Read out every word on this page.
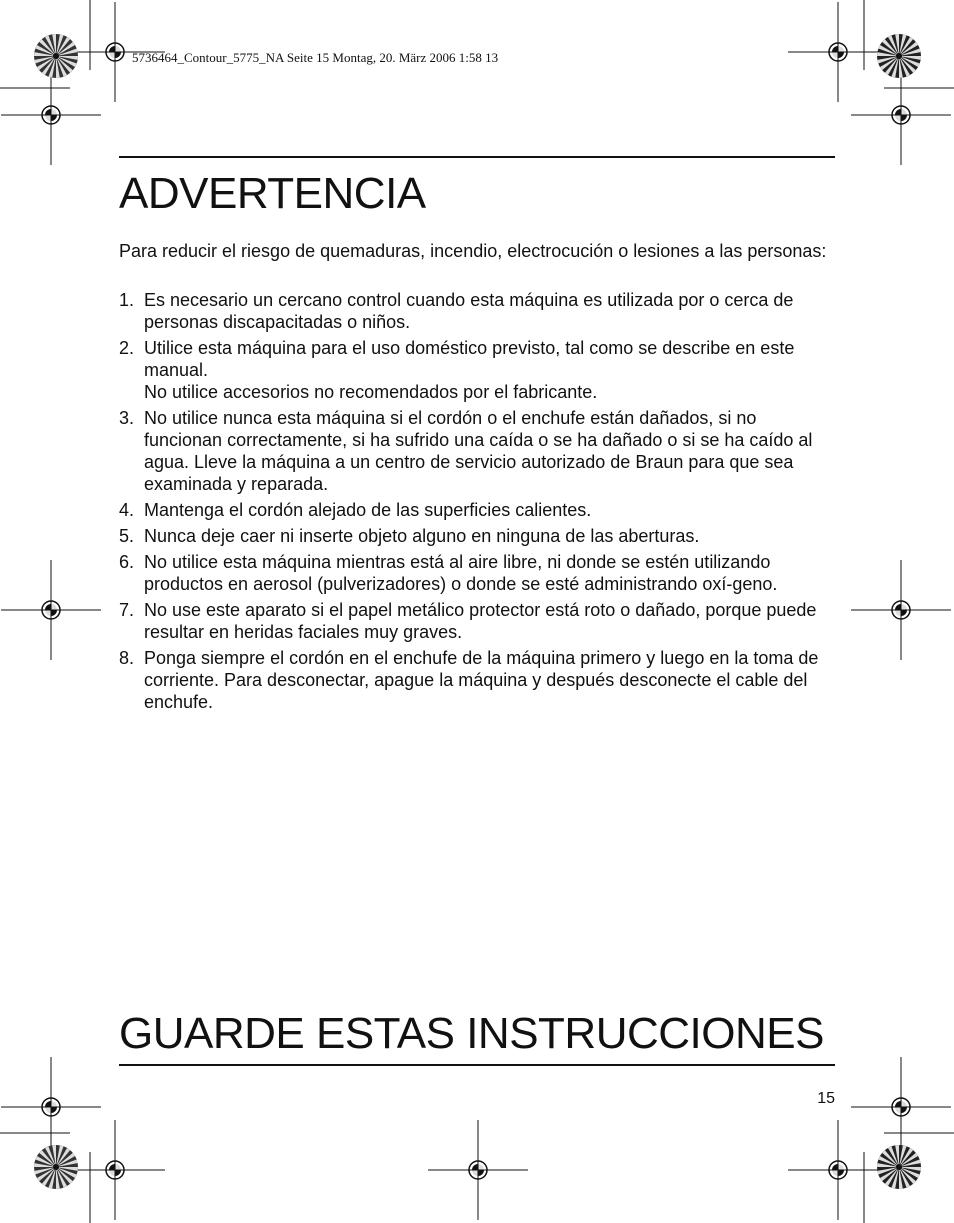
5736464_Contour_5775_NA Seite 15 Montag, 20. März 2006 1:58 13
ADVERTENCIA

Para reducir el riesgo de quemaduras, incendio, electrocución o lesiones a las personas:

1. Es necesario un cercano control cuando esta máquina es utilizada por o cerca de personas discapacitadas o niños.
2. Utilice esta máquina para el uso doméstico previsto, tal como se describe en este manual.
No utilice accesorios no recomendados por el fabricante.
3. No utilice nunca esta máquina si el cordón o el enchufe están dañados, si no funcionan correctamente, si ha sufrido una caída o se ha dañado o si se ha caído al agua. Lleve la máquina a un centro de servicio autorizado de Braun para que sea examinada y reparada.
4. Mantenga el cordón alejado de las superficies calientes.
5. Nunca deje caer ni inserte objeto alguno en ninguna de las aberturas.
6. No utilice esta máquina mientras está al aire libre, ni donde se estén utilizando productos en aerosol (pulverizadores) o donde se esté administrando oxí-geno.
7. No use este aparato si el papel metálico protector está roto o dañado, porque puede resultar en heridas faciales muy graves.
8. Ponga siempre el cordón en el enchufe de la máquina primero y luego en la toma de corriente. Para desconectar, apague la máquina y después desconecte el cable del enchufe.
GUARDE ESTAS INSTRUCCIONES
15
